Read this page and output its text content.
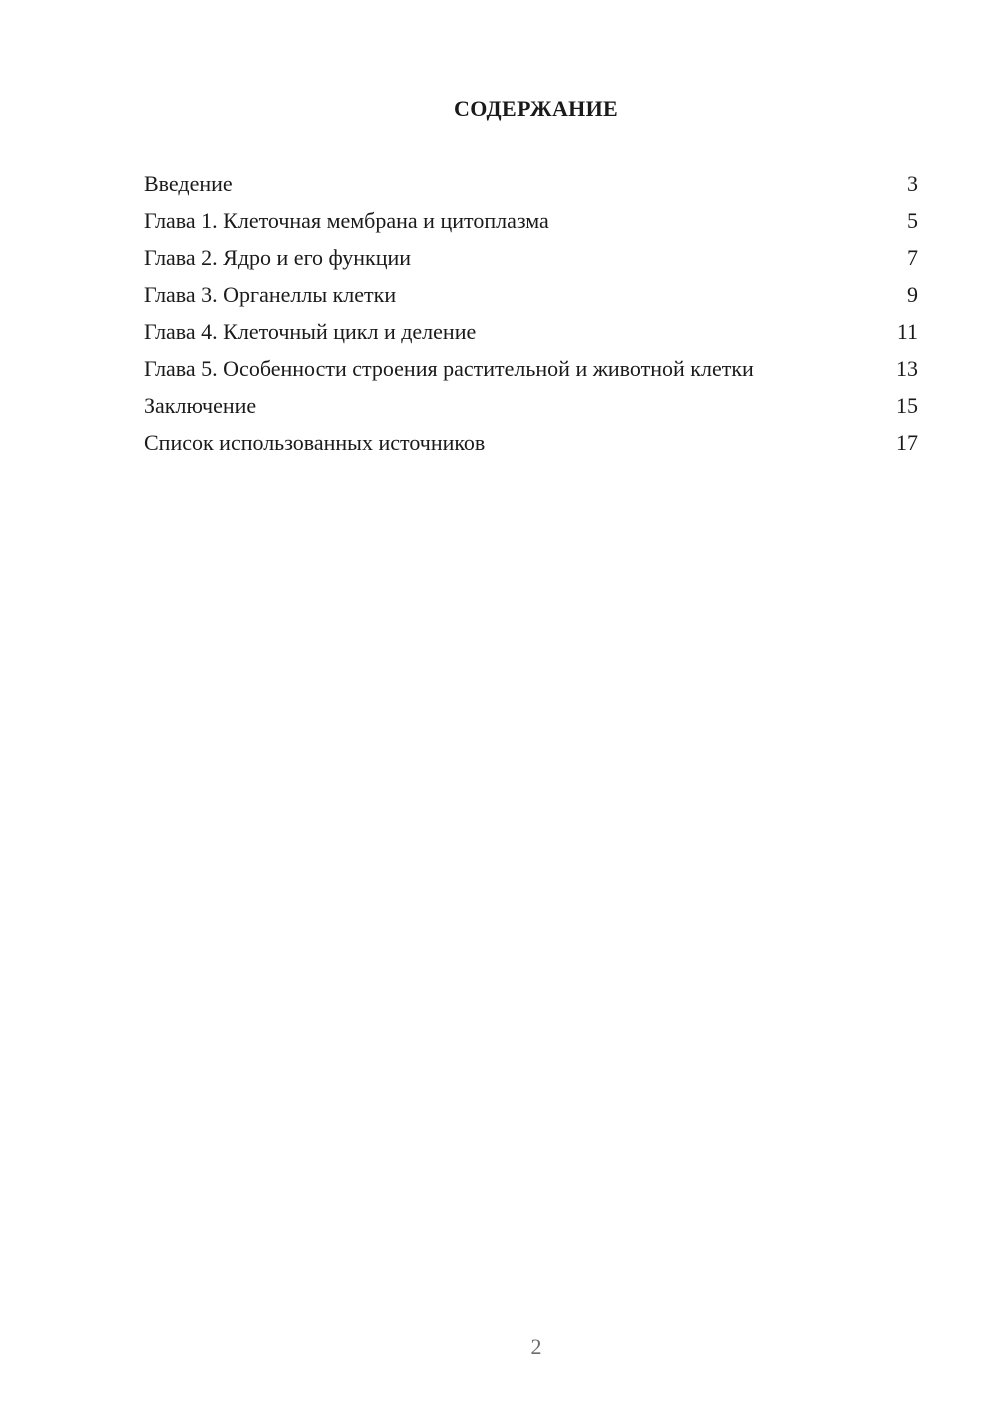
СОДЕРЖАНИЕ
Введение	3
Глава 1. Клеточная мембрана и цитоплазма	5
Глава 2. Ядро и его функции	7
Глава 3. Органеллы клетки	9
Глава 4. Клеточный цикл и деление	11
Глава 5. Особенности строения растительной и животной клетки	13
Заключение	15
Список использованных источников	17
2
